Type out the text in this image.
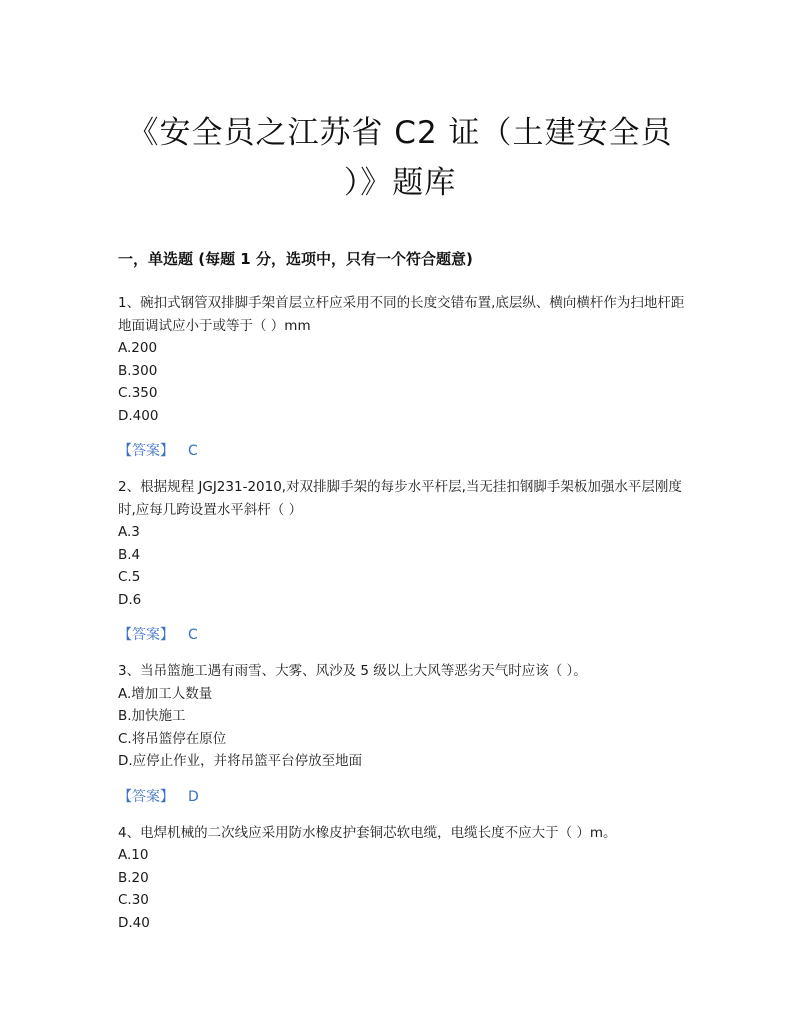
《安全员之江苏省 C2 证（土建安全员
）》题库
一，单选题 (每题 1 分，选项中，只有一个符合题意)

1、碗扣式钢管双排脚手架首层立杆应采用不同的长度交错布置,底层纵、横向横杆作为扫地杆距地面调试应小于或等于（ ）mm

A.200

B.300

C.350

D.400

【答案】 C

2、根据规程 JGJ231-2010,对双排脚手架的每步水平杆层,当无挂扣钢脚手架板加强水平层刚度时,应每几跨设置水平斜杆（ ）

A.3

B.4

C.5

D.6

【答案】 C

3、当吊篮施工遇有雨雪、大雾、风沙及 5 级以上大风等恶劣天气时应该（ ）。

A.增加工人数量

B.加快施工

C.将吊篮停在原位

D.应停止作业，并将吊篮平台停放至地面

【答案】 D

4、电焊机械的二次线应采用防水橡皮护套铜芯软电缆，电缆长度不应大于（ ）m。

A.10

B.20

C.30

D.40
